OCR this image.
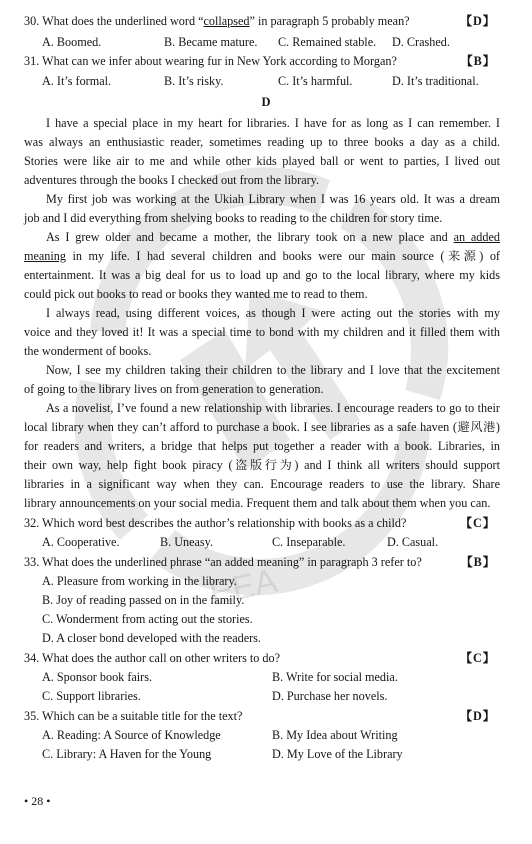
EEA
30. What does the underlined word “collapsed” in paragraph 5 probably mean?	【D】
A. Boomed.	B. Became mature. C. Remained stable. D. Crashed.
31. What can we infer about wearing fur in New York according to Morgan?	【B】
A. It’s formal.	B. It’s risky.	C. It’s harmful.	D. It’s traditional.
D
I have a special place in my heart for libraries. I have for as long as I can remember. I
was always an enthusiastic reader, sometimes reading up to three books a day as a child.
Stories were like air to me and while other kids played ball or went to parties, I lived out
adventures through the books I checked out from the library.
My first job was working at the Ukiah Library when I was 16 years old. It was a dream
job and I did everything from shelving books to reading to the children for story time.
As I grew older and became a mother, the library took on a new place and an added
meaning in my life. I had several children and books were our main source (来源) of
entertainment. It was a big deal for us to load up and go to the local library, where my kids
could pick out books to read or books they wanted me to read to them.
I always read, using different voices, as though I were acting out the stories with my
voice and they loved it! It was a special time to bond with my children and it filled them with
the wonderment of books.
Now, I see my children taking their children to the library and I love that the excitement
of going to the library lives on from generation to generation.
As a novelist, I’ve found a new relationship with libraries. I encourage readers to go to their
local library when they can’t afford to purchase a book. I see libraries as a safe haven (避风港)
for readers and writers, a bridge that helps put together a reader with a book. Libraries, in
their own way, help fight book piracy (盗版行为) and I think all writers should support
libraries in a significant way when they can. Encourage readers to use the library. Share
library announcements on your social media. Frequent them and talk about them when you can.
32. Which word best describes the author’s relationship with books as a child?	【C】
A. Cooperative.	B. Uneasy.	C. Inseparable.	D. Casual.
33. What does the underlined phrase “an added meaning” in paragraph 3 refer to?	【B】
A. Pleasure from working in the library.
B. Joy of reading passed on in the family.
C. Wonderment from acting out the stories.
D. A closer bond developed with the readers.
34. What does the author call on other writers to do?	【C】
A. Sponsor book fairs.	B. Write for social media.
C. Support libraries.	D. Purchase her novels.
35. Which can be a suitable title for the text?	【D】
A. Reading: A Source of Knowledge	B. My Idea about Writing
C. Library: A Haven for the Young	D. My Love of the Library
• 28 •
